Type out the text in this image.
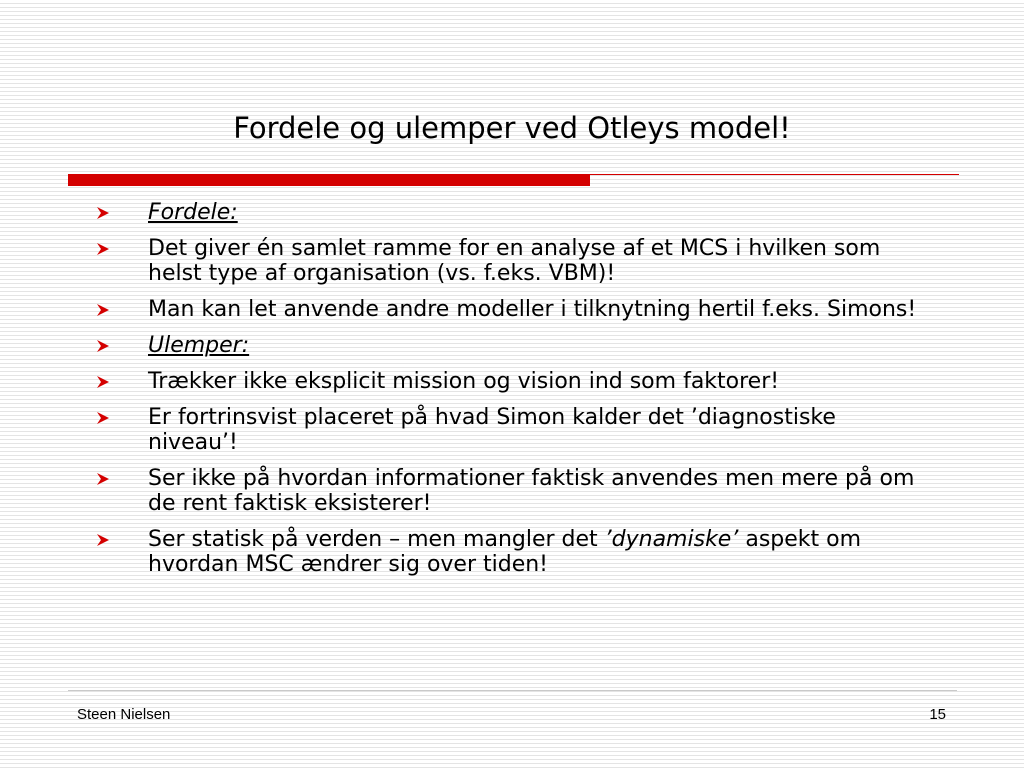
Fordele og ulemper ved Otleys model!
Fordele:
Det giver én samlet ramme for en analyse af et MCS i hvilken som helst type af organisation (vs. f.eks. VBM)!
Man kan let anvende andre modeller i tilknytning hertil f.eks. Simons!
Ulemper:
Trækker ikke eksplicit mission og vision ind som faktorer!
Er fortrinsvist placeret på hvad Simon kalder det ’diagnostiske niveau’!
Ser ikke på hvordan informationer faktisk anvendes men mere på om de rent faktisk eksisterer!
Ser statisk på verden – men mangler det ’dynamiske’ aspekt om hvordan MSC ændrer sig over tiden!
Steen Nielsen	15
